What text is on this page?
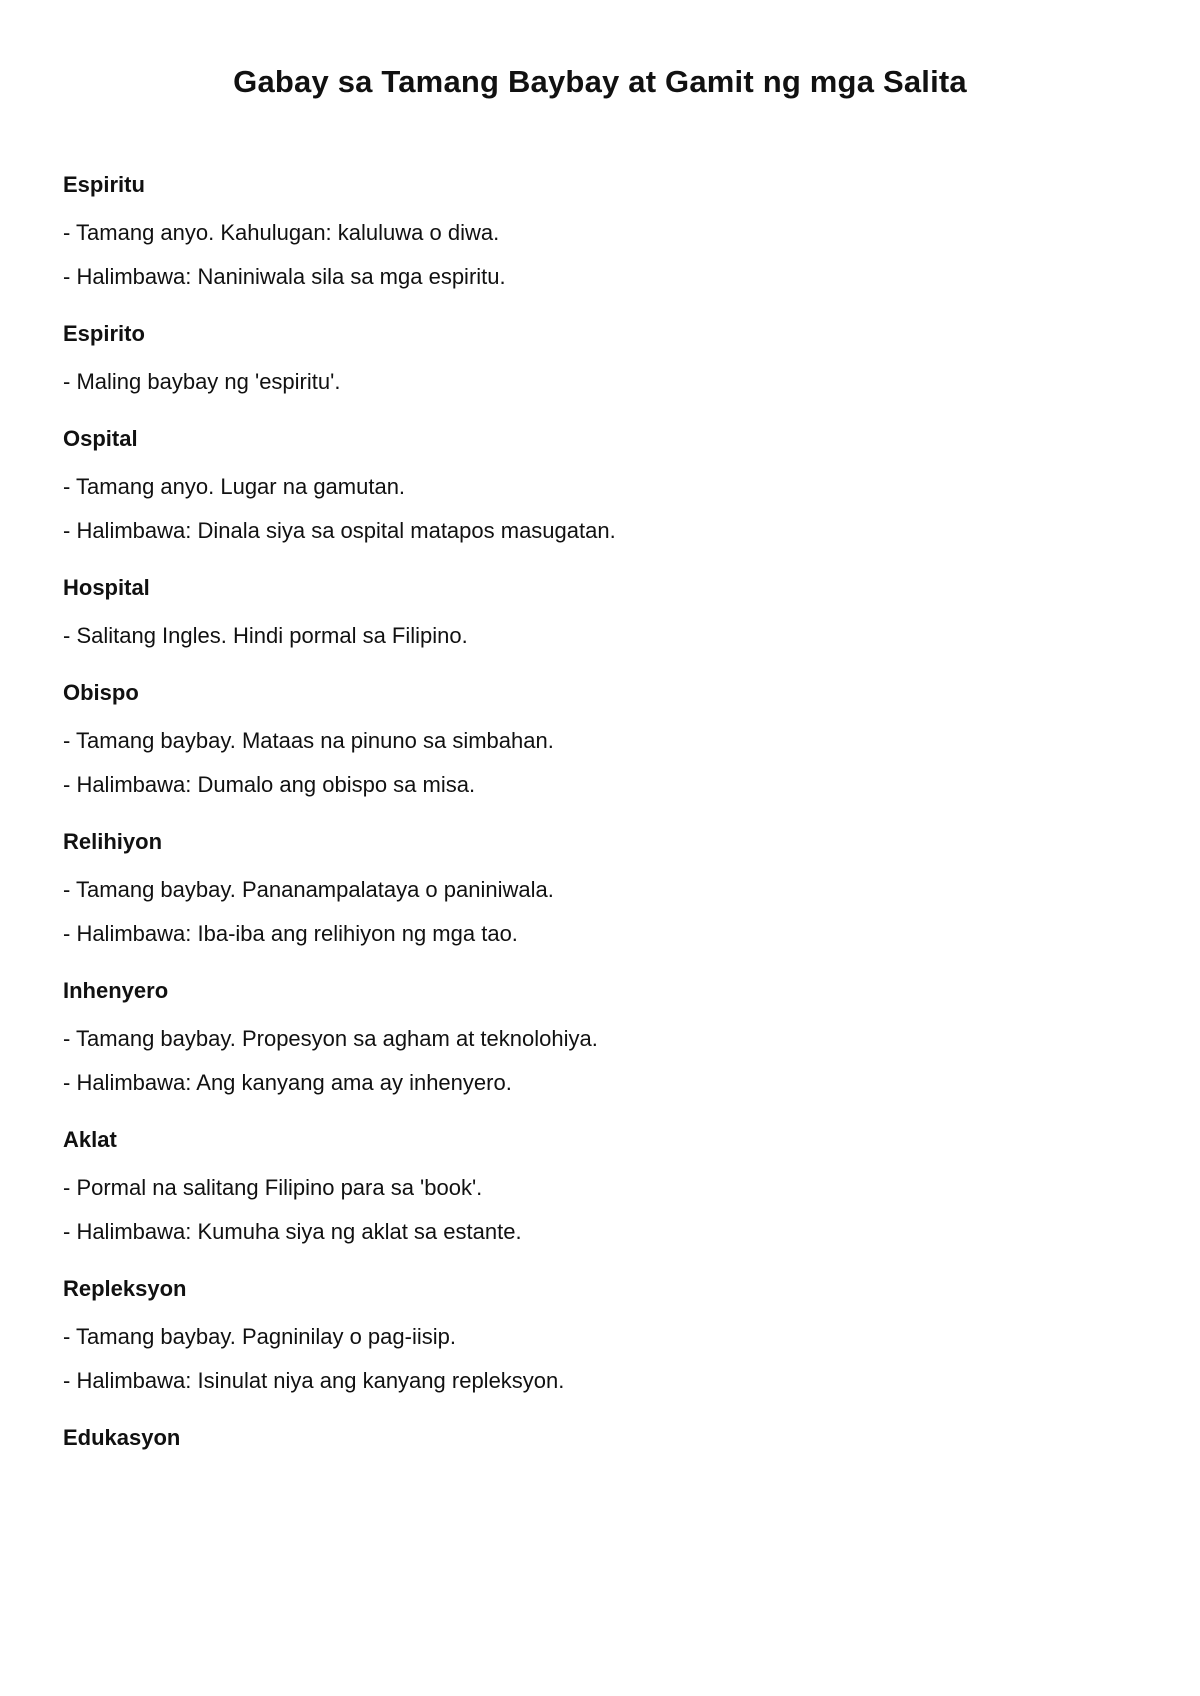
Gabay sa Tamang Baybay at Gamit ng mga Salita
Espiritu
- Tamang anyo. Kahulugan: kaluluwa o diwa.
- Halimbawa: Naniniwala sila sa mga espiritu.
Espirito
- Maling baybay ng 'espiritu'.
Ospital
- Tamang anyo. Lugar na gamutan.
- Halimbawa: Dinala siya sa ospital matapos masugatan.
Hospital
- Salitang Ingles. Hindi pormal sa Filipino.
Obispo
- Tamang baybay. Mataas na pinuno sa simbahan.
- Halimbawa: Dumalo ang obispo sa misa.
Relihiyon
- Tamang baybay. Pananampalataya o paniniwala.
- Halimbawa: Iba-iba ang relihiyon ng mga tao.
Inhenyero
- Tamang baybay. Propesyon sa agham at teknolohiya.
- Halimbawa: Ang kanyang ama ay inhenyero.
Aklat
- Pormal na salitang Filipino para sa 'book'.
- Halimbawa: Kumuha siya ng aklat sa estante.
Repleksyon
- Tamang baybay. Pagninilay o pag-iisip.
- Halimbawa: Isinulat niya ang kanyang repleksyon.
Edukasyon
